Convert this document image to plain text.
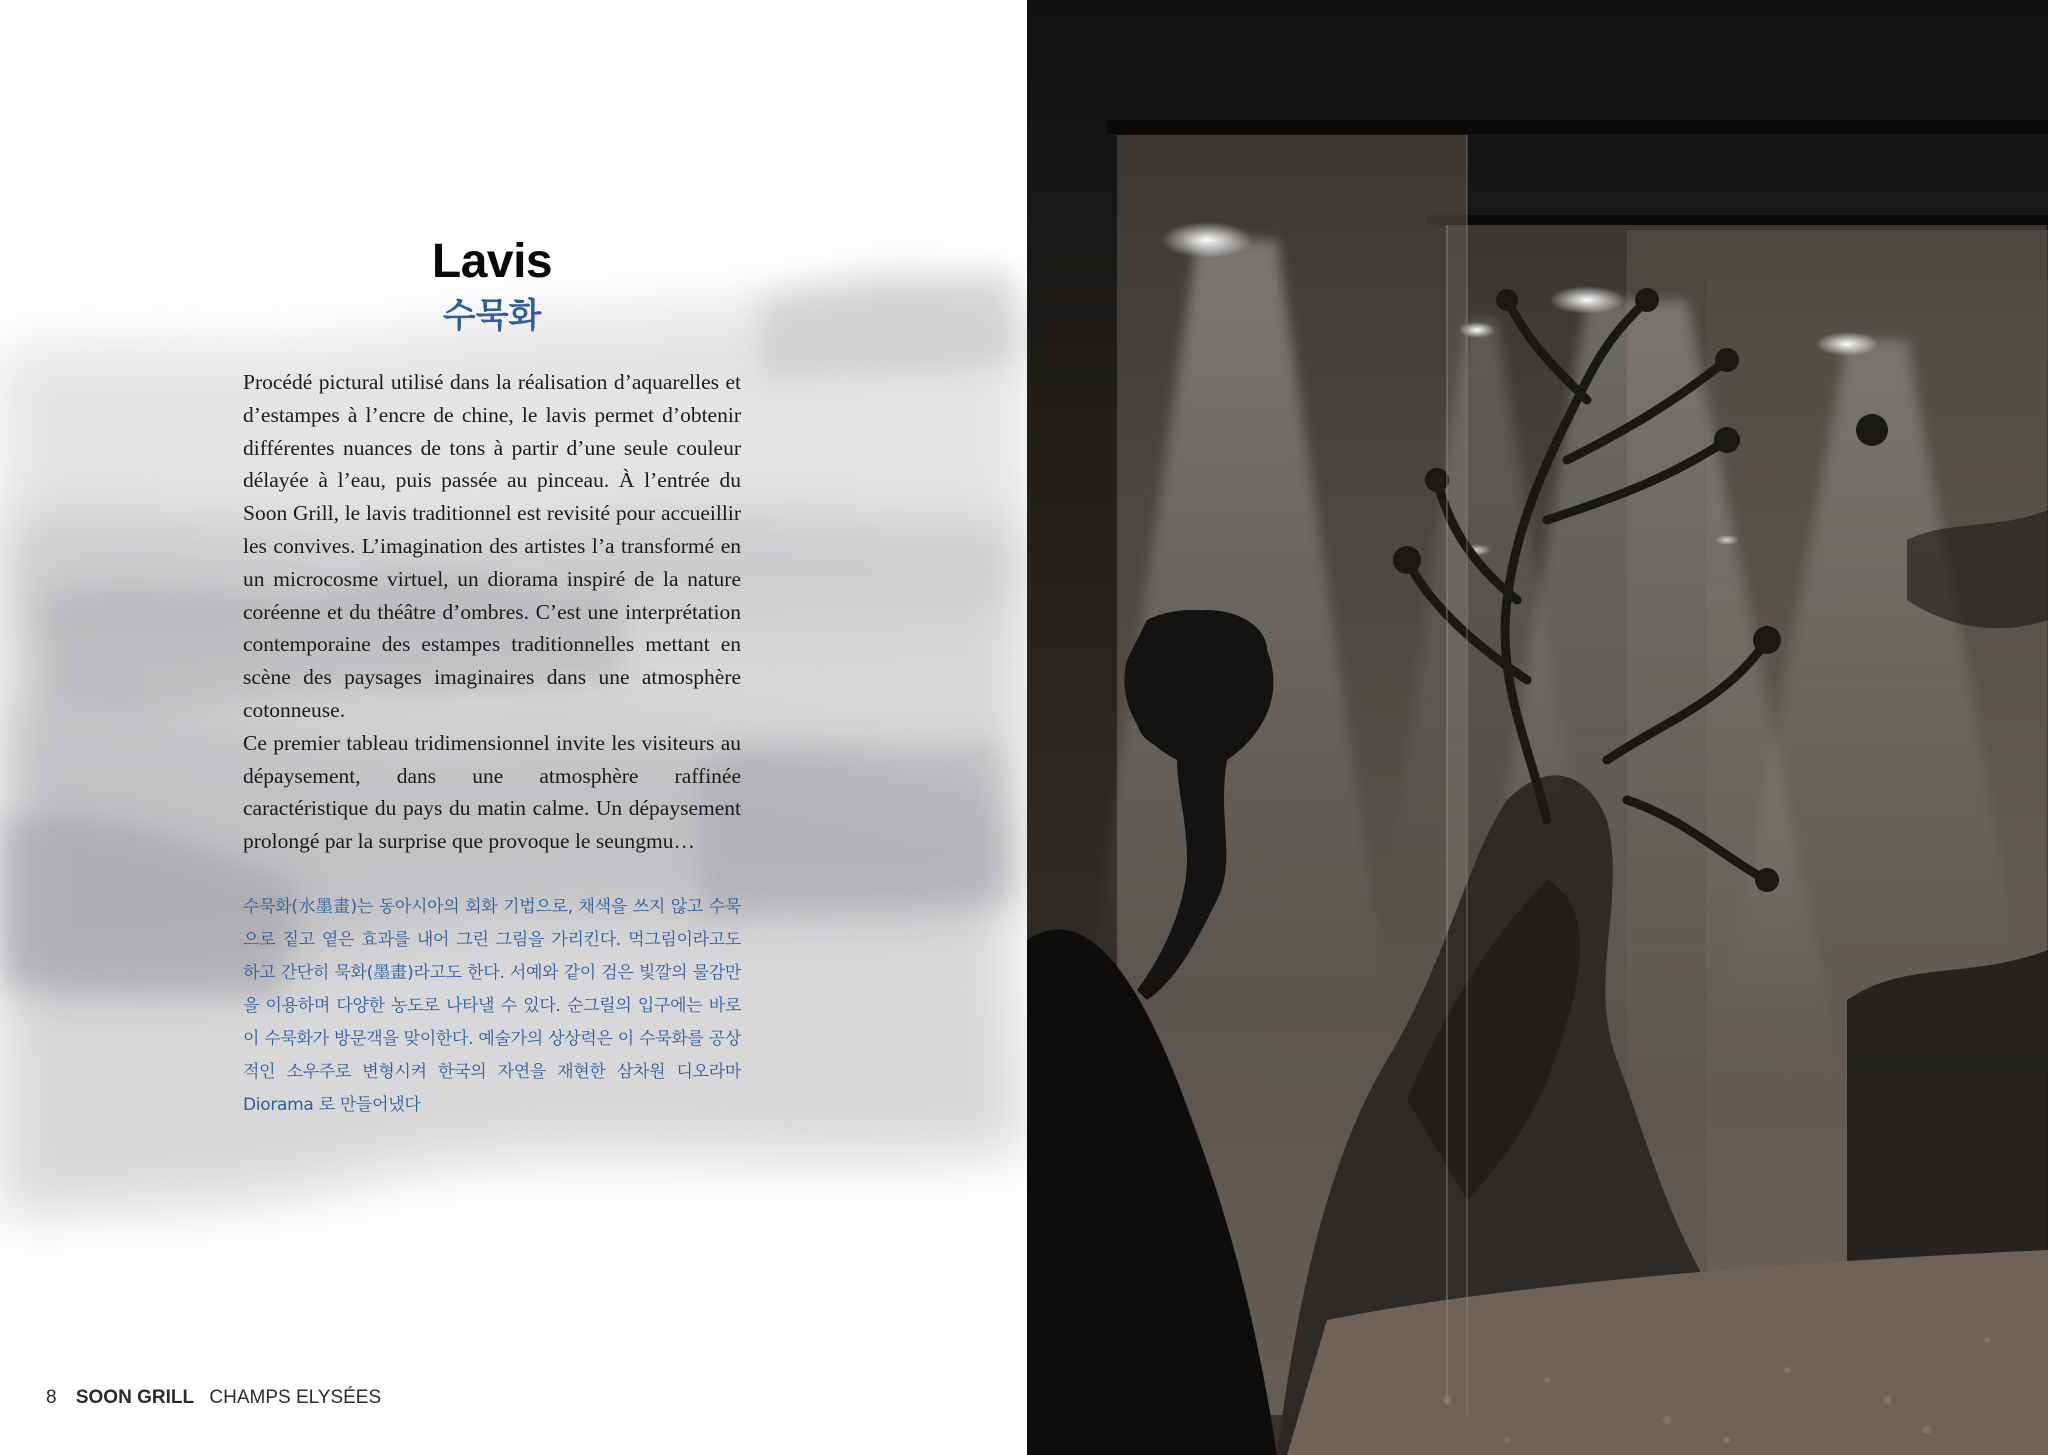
Lavis
수묵화

Procédé pictural utilisé dans la réalisation d’aquarelles et d’estampes à l’encre de chine, le lavis permet d’obtenir différentes nuances de tons à partir d’une seule couleur délayée à l’eau, puis passée au pinceau. À l’entrée du Soon Grill, le lavis traditionnel est revisité pour accueillir les convives. L’imagination des artistes l’a transformé en un microcosme virtuel, un diorama inspiré de la nature coréenne et du théâtre d’ombres. C’est une interprétation contemporaine des estampes traditionnelles mettant en scène des paysages imaginaires dans une atmosphère cotonneuse.

Ce premier tableau tridimensionnel invite les visiteurs au dépaysement, dans une atmosphère raffinée caractéristique du pays du matin calme. Un dépaysement prolongé par la surprise que provoque le seungmu…

수묵화(水墨畫)는 동아시아의 회화 기법으로, 채색을 쓰지 않고 수묵으로 짙고 옅은 효과를 내어 그린 그림을 가리킨다. 먹그림이라고도 하고 간단히 묵화(墨畫)라고도 한다. 서예와 같이 검은 빛깔의 물감만을 이용하며 다양한 농도로 나타낼 수 있다. 순그릴의 입구에는 바로 이 수묵화가 방문객을 맞이한다. 예술가의 상상력은 이 수묵화를 공상적인 소우주로 변형시켜 한국의 자연을 재현한 삼차원 디오라마 Diorama 로 만들어냈다

8 SOON GRILL CHAMPS ELYSÉES
